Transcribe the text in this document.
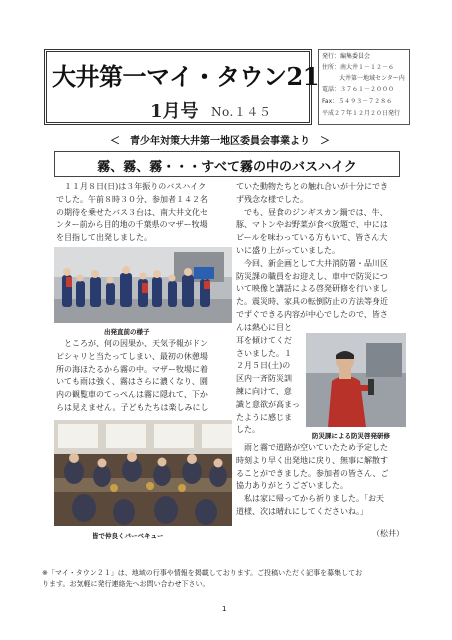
大井第一マイ・タウン21
1月号 No.１４５
発行：編集委員会
住所：南大井１－１２－６
大井第一地域センター内
電話：３７６１－２０００
Fax：５４９３－７２８６
平成２７年１２月２０日発行
＜　青少年対策大井第一地区委員会事業より　＞
霧、霧、霧・・・すべて霧の中のバスハイク

　１１月８日(日)は３年振りのバスハイク

でした。午前８時３０分、参加者１４２名

の期待を乗せたバス３台は、南大井文化セ

ンター前から目的地の千葉県のマザー牧場

を目指して出発しました。

出発直前の様子

　ところが、何の因果か、天気予報がドン

ピシャリと当たってしまい、最初の休憩場

所の海ほたるから霧の中。マザー牧場に着

いても雨は強く、霧はさらに濃くなり、園

内の観覧車のてっぺんは霧に隠れて、下か

らは見えません。子どもたちは楽しみにし

皆で仲良くバーベキュー

ていた動物たちとの触れ合いが十分にでき

ず残念な様でした。

　でも、昼食のジンギスカン鍋では、牛、

豚、マトンやお野菜が食べ放題で、中には

ビールを味わっている方もいて、皆さん大

いに盛り上がっていました。

　今回、新企画として大井消防署・品川区

防災課の職員をお迎えし、車中で防災につ

いて映像と講話による啓発研修を行いまし

た。震災時、家具の転倒防止の方法等身近

でずぐできる内容が中心でしたので、皆さ

んは熱心に目と

耳を傾けてくだ

さいました。１

２月５日(土)の

区内一斉防災訓

練に向けて、意

識と意欲が高まっ

たように感じま

した。

防災課による防災啓発研修

　雨と霧で道路が空いていたため予定した

時刻より早く出発地に戻り、無事に解散す

ることができました。参加者の皆さん、ご

協力ありがとうございました。

　私は家に帰ってから祈りました。「お天

道様、次は晴れにしてくださいね。」

（松井）
※「マイ・タウン２１」は、地域の行事や情報を掲載しております。ご投稿いただく記事を募集してお
ります。お気軽に発行連絡先へお問い合わせ下さい。
1
